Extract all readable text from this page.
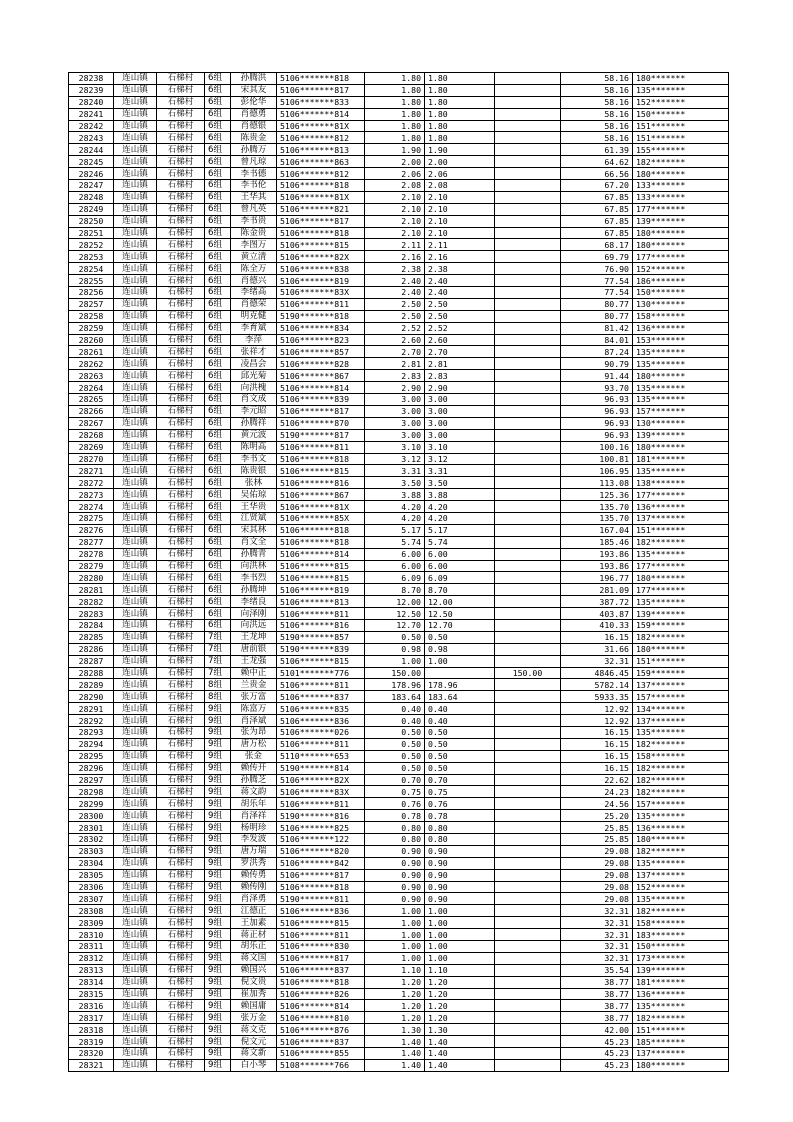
28238	连山镇	石梯村	6组	孙腾洪	5106*******818	1.80	1.80		58.16	180*******
28239	连山镇	石梯村	6组	宋其友	5106*******817	1.80	1.80		58.16	135*******
28240	连山镇	石梯村	6组	彭伦华	5106*******833	1.80	1.80		58.16	152*******
28241	连山镇	石梯村	6组	肖德勇	5106*******814	1.80	1.80		58.16	150*******
28242	连山镇	石梯村	6组	肖德银	5106*******81X	1.80	1.80		58.16	151*******
28243	连山镇	石梯村	6组	陈贵金	5106*******812	1.80	1.80		58.16	151*******
28244	连山镇	石梯村	6组	孙腾万	5106*******813	1.90	1.90		61.39	155*******
28245	连山镇	石梯村	6组	曾凡琼	5106*******863	2.00	2.00		64.62	182*******
28246	连山镇	石梯村	6组	李书德	5106*******812	2.06	2.06		66.56	180*******
28247	连山镇	石梯村	6组	李书伦	5106*******818	2.08	2.08		67.20	133*******
28248	连山镇	石梯村	6组	王华其	5106*******81X	2.10	2.10		67.85	133*******
28249	连山镇	石梯村	6组	曾凡英	5106*******821	2.10	2.10		67.85	177*******
28250	连山镇	石梯村	6组	李书贵	5106*******817	2.10	2.10		67.85	139*******
28251	连山镇	石梯村	6组	陈金贵	5106*******818	2.10	2.10		67.85	180*******
28252	连山镇	石梯村	6组	李图万	5106*******815	2.11	2.11		68.17	180*******
28253	连山镇	石梯村	6组	黄立清	5106*******82X	2.16	2.16		69.79	177*******
28254	连山镇	石梯村	6组	陈全万	5106*******838	2.38	2.38		76.90	152*******
28255	连山镇	石梯村	6组	肖德兴	5106*******819	2.40	2.40		77.54	186*******
28256	连山镇	石梯村	6组	李绪高	5106*******83X	2.40	2.40		77.54	150*******
28257	连山镇	石梯村	6组	肖德荣	5106*******811	2.50	2.50		80.77	130*******
28258	连山镇	石梯村	6组	明克健	5190*******818	2.50	2.50		80.77	158*******
28259	连山镇	石梯村	6组	李育斌	5106*******834	2.52	2.52		81.42	136*******
28260	连山镇	石梯村	6组	李萍	5106*******823	2.60	2.60		84.01	153*******
28261	连山镇	石梯村	6组	张祥才	5106*******857	2.70	2.70		87.24	135*******
28262	连山镇	石梯村	6组	凌昌会	5106*******828	2.81	2.81		90.79	135*******
28263	连山镇	石梯村	6组	邱光菊	5106*******867	2.83	2.83		91.44	180*******
28264	连山镇	石梯村	6组	向洪槐	5106*******814	2.90	2.90		93.70	135*******
28265	连山镇	石梯村	6组	肖文成	5106*******839	3.00	3.00		96.93	135*******
28266	连山镇	石梯村	6组	李元昭	5106*******817	3.00	3.00		96.93	157*******
28267	连山镇	石梯村	6组	孙腾祥	5106*******870	3.00	3.00		96.93	130*******
28268	连山镇	石梯村	6组	黄元波	5190*******817	3.00	3.00		96.93	139*******
28269	连山镇	石梯村	6组	陈明高	5106*******811	3.10	3.10		100.16	180*******
28270	连山镇	石梯村	6组	李书文	5106*******818	3.12	3.12		100.81	181*******
28271	连山镇	石梯村	6组	陈贵银	5106*******815	3.31	3.31		106.95	135*******
28272	连山镇	石梯村	6组	张林	5106*******816	3.50	3.50		113.08	138*******
28273	连山镇	石梯村	6组	吴佑琼	5106*******867	3.88	3.88		125.36	177*******
28274	连山镇	石梯村	6组	王华贵	5106*******81X	4.20	4.20		135.70	136*******
28275	连山镇	石梯村	6组	江贤斌	5106*******85X	4.20	4.20		135.70	137*******
28276	连山镇	石梯村	6组	宋其林	5106*******818	5.17	5.17		167.04	151*******
28277	连山镇	石梯村	6组	肖文全	5106*******818	5.74	5.74		185.46	182*******
28278	连山镇	石梯村	6组	孙腾青	5106*******814	6.00	6.00		193.86	135*******
28279	连山镇	石梯村	6组	向洪林	5106*******815	6.00	6.00		193.86	177*******
28280	连山镇	石梯村	6组	李书烈	5106*******815	6.09	6.09		196.77	180*******
28281	连山镇	石梯村	6组	孙腾坤	5106*******819	8.70	8.70		281.09	177*******
28282	连山镇	石梯村	6组	李绪良	5106*******813	12.00	12.00		387.72	135*******
28283	连山镇	石梯村	6组	向泽刚	5106*******811	12.50	12.50		403.87	139*******
28284	连山镇	石梯村	6组	向洪远	5106*******816	12.70	12.70		410.33	159*******
28285	连山镇	石梯村	7组	王龙坤	5190*******857	0.50	0.50		16.15	182*******
28286	连山镇	石梯村	7组	唐前银	5190*******839	0.98	0.98		31.66	180*******
28287	连山镇	石梯村	7组	王龙强	5106*******815	1.00	1.00		32.31	151*******
28288	连山镇	石梯村	7组	赖中正	5101*******776	150.00		150.00	4846.45	159*******
28289	连山镇	石梯村	8组	兰贵金	5106*******811	178.96	178.96		5782.14	137*******
28290	连山镇	石梯村	8组	张万富	5106*******837	183.64	183.64		5933.35	157*******
28291	连山镇	石梯村	9组	陈富万	5106*******835	0.40	0.40		12.92	134*******
28292	连山镇	石梯村	9组	肖泽斌	5106*******836	0.40	0.40		12.92	137*******
28293	连山镇	石梯村	9组	张为昂	5106*******026	0.50	0.50		16.15	135*******
28294	连山镇	石梯村	9组	唐万松	5106*******811	0.50	0.50		16.15	182*******
28295	连山镇	石梯村	9组	张金	5110*******653	0.50	0.50		16.15	158*******
28296	连山镇	石梯村	9组	赖传开	5190*******814	0.50	0.50		16.15	182*******
28297	连山镇	石梯村	9组	孙腾芝	5106*******82X	0.70	0.70		22.62	182*******
28298	连山镇	石梯村	9组	蒋文韵	5106*******83X	0.75	0.75		24.23	182*******
28299	连山镇	石梯村	9组	胡乐年	5106*******811	0.76	0.76		24.56	157*******
28300	连山镇	石梯村	9组	肖泽祥	5190*******816	0.78	0.78		25.20	135*******
28301	连山镇	石梯村	9组	杨明珍	5106*******825	0.80	0.80		25.85	136*******
28302	连山镇	石梯村	9组	李发波	5106*******122	0.80	0.80		25.85	180*******
28303	连山镇	石梯村	9组	唐万瑞	5106*******820	0.90	0.90		29.08	182*******
28304	连山镇	石梯村	9组	罗洪秀	5106*******842	0.90	0.90		29.08	135*******
28305	连山镇	石梯村	9组	赖传勇	5106*******817	0.90	0.90		29.08	137*******
28306	连山镇	石梯村	9组	赖传刚	5106*******818	0.90	0.90		29.08	152*******
28307	连山镇	石梯村	9组	肖泽勇	5190*******811	0.90	0.90		29.08	135*******
28308	连山镇	石梯村	9组	江德正	5106*******836	1.00	1.00		32.31	182*******
28309	连山镇	石梯村	9组	王加素	5106*******815	1.00	1.00		32.31	158*******
28310	连山镇	石梯村	9组	蒋正材	5106*******811	1.00	1.00		32.31	183*******
28311	连山镇	石梯村	9组	胡乐正	5106*******830	1.00	1.00		32.31	150*******
28312	连山镇	石梯村	9组	蒋文国	5106*******817	1.00	1.00		32.31	173*******
28313	连山镇	石梯村	9组	赖国兴	5106*******837	1.10	1.10		35.54	139*******
28314	连山镇	石梯村	9组	倪文贵	5106*******818	1.20	1.20		38.77	181*******
28315	连山镇	石梯村	9组	崔加秀	5106*******826	1.20	1.20		38.77	136*******
28316	连山镇	石梯村	9组	赖国庸	5106*******814	1.20	1.20		38.77	135*******
28317	连山镇	石梯村	9组	张万金	5106*******810	1.20	1.20		38.77	182*******
28318	连山镇	石梯村	9组	蒋文克	5106*******876	1.30	1.30		42.00	151*******
28319	连山镇	石梯村	9组	倪文元	5106*******837	1.40	1.40		45.23	185*******
28320	连山镇	石梯村	9组	蒋文新	5106*******855	1.40	1.40		45.23	137*******
28321	连山镇	石梯村	9组	白小琴	5108*******766	1.40	1.40		45.23	180*******
